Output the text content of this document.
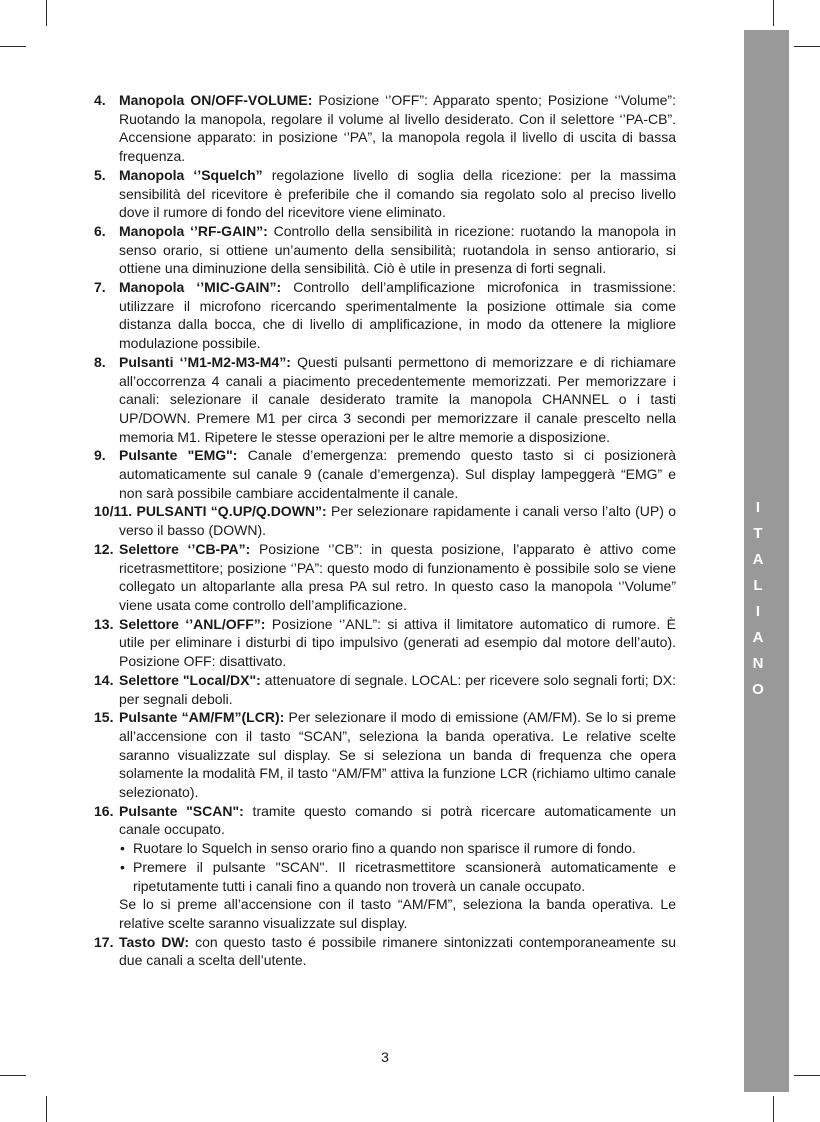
I
T
A
L
I
A
N
O
4. Manopola ON/OFF-VOLUME: Posizione ‘’OFF”: Apparato spento; Posizione ‘’Volume”: Ruotando la manopola, regolare il volume al livello desiderato. Con il selettore ‘’PA-CB”. Accensione apparato: in posizione ‘’PA”, la manopola regola il livello di uscita di bassa frequenza.
5. Manopola ‘’Squelch” regolazione livello di soglia della ricezione: per la massima sensibilità del ricevitore è preferibile che il comando sia regolato solo al preciso livello dove il rumore di fondo del ricevitore viene eliminato.
6. Manopola ‘’RF-GAIN”: Controllo della sensibilità in ricezione: ruotando la manopola in senso orario, si ottiene un’aumento della sensibilità; ruotandola in senso antiorario, si ottiene una diminuzione della sensibilità. Ciò è utile in presenza di forti segnali.
7. Manopola ‘’MIC-GAIN”: Controllo dell’amplificazione microfonica in trasmissione: utilizzare il microfono ricercando sperimentalmente la posizione ottimale sia come distanza dalla bocca, che di livello di amplificazione, in modo da ottenere la migliore modulazione possibile.
8. Pulsanti ‘’M1-M2-M3-M4”: Questi pulsanti permettono di memorizzare e di richiamare all’occorrenza 4 canali a piacimento precedentemente memorizzati. Per memorizzare i canali: selezionare il canale desiderato tramite la manopola CHANNEL o i tasti UP/DOWN. Premere M1 per circa 3 secondi per memorizzare il canale prescelto nella memoria M1. Ripetere le stesse operazioni per le altre memorie a disposizione.
9. Pulsante "EMG": Canale d’emergenza: premendo questo tasto si ci posizionerà automaticamente sul canale 9 (canale d’emergenza). Sul display lampeggerà “EMG” e non sarà possibile cambiare accidentalmente il canale.
10/11. PULSANTI “Q.UP/Q.DOWN”: Per selezionare rapidamente i canali verso l’alto (UP) o verso il basso (DOWN).
12. Selettore ‘’CB-PA”: Posizione ‘’CB”: in questa posizione, l’apparato è attivo come ricetrasmettitore; posizione ‘’PA”: questo modo di funzionamento è possibile solo se viene collegato un altoparlante alla presa PA sul retro. In questo caso la manopola ‘’Volume” viene usata come controllo dell’amplificazione.
13. Selettore ‘’ANL/OFF”: Posizione ‘’ANL”: si attiva il limitatore automatico di rumore. È utile per eliminare i disturbi di tipo impulsivo (generati ad esempio dal motore dell’auto). Posizione OFF: disattivato.
14. Selettore "Local/DX": attenuatore di segnale. LOCAL: per ricevere solo segnali forti; DX: per segnali deboli.
15. Pulsante “AM/FM”(LCR): Per selezionare il modo di emissione (AM/FM). Se lo si preme all’accensione con il tasto “SCAN”, seleziona la banda operativa. Le relative scelte saranno visualizzate sul display. Se si seleziona un banda di frequenza che opera solamente la modalità FM, il tasto “AM/FM” attiva la funzione LCR (richiamo ultimo canale selezionato).
16. Pulsante "SCAN": tramite questo comando si potrà ricercare automaticamente un canale occupato.
• Ruotare lo Squelch in senso orario fino a quando non sparisce il rumore di fondo.
• Premere il pulsante "SCAN". Il ricetrasmettitore scansionerà automaticamente e ripetutamente tutti i canali fino a quando non troverà un canale occupato.
Se lo si preme all’accensione con il tasto “AM/FM”, seleziona la banda operativa. Le relative scelte saranno visualizzate sul display.
17. Tasto DW: con questo tasto é possibile rimanere sintonizzati contemporaneamente su due canali a scelta dell’utente.
3
